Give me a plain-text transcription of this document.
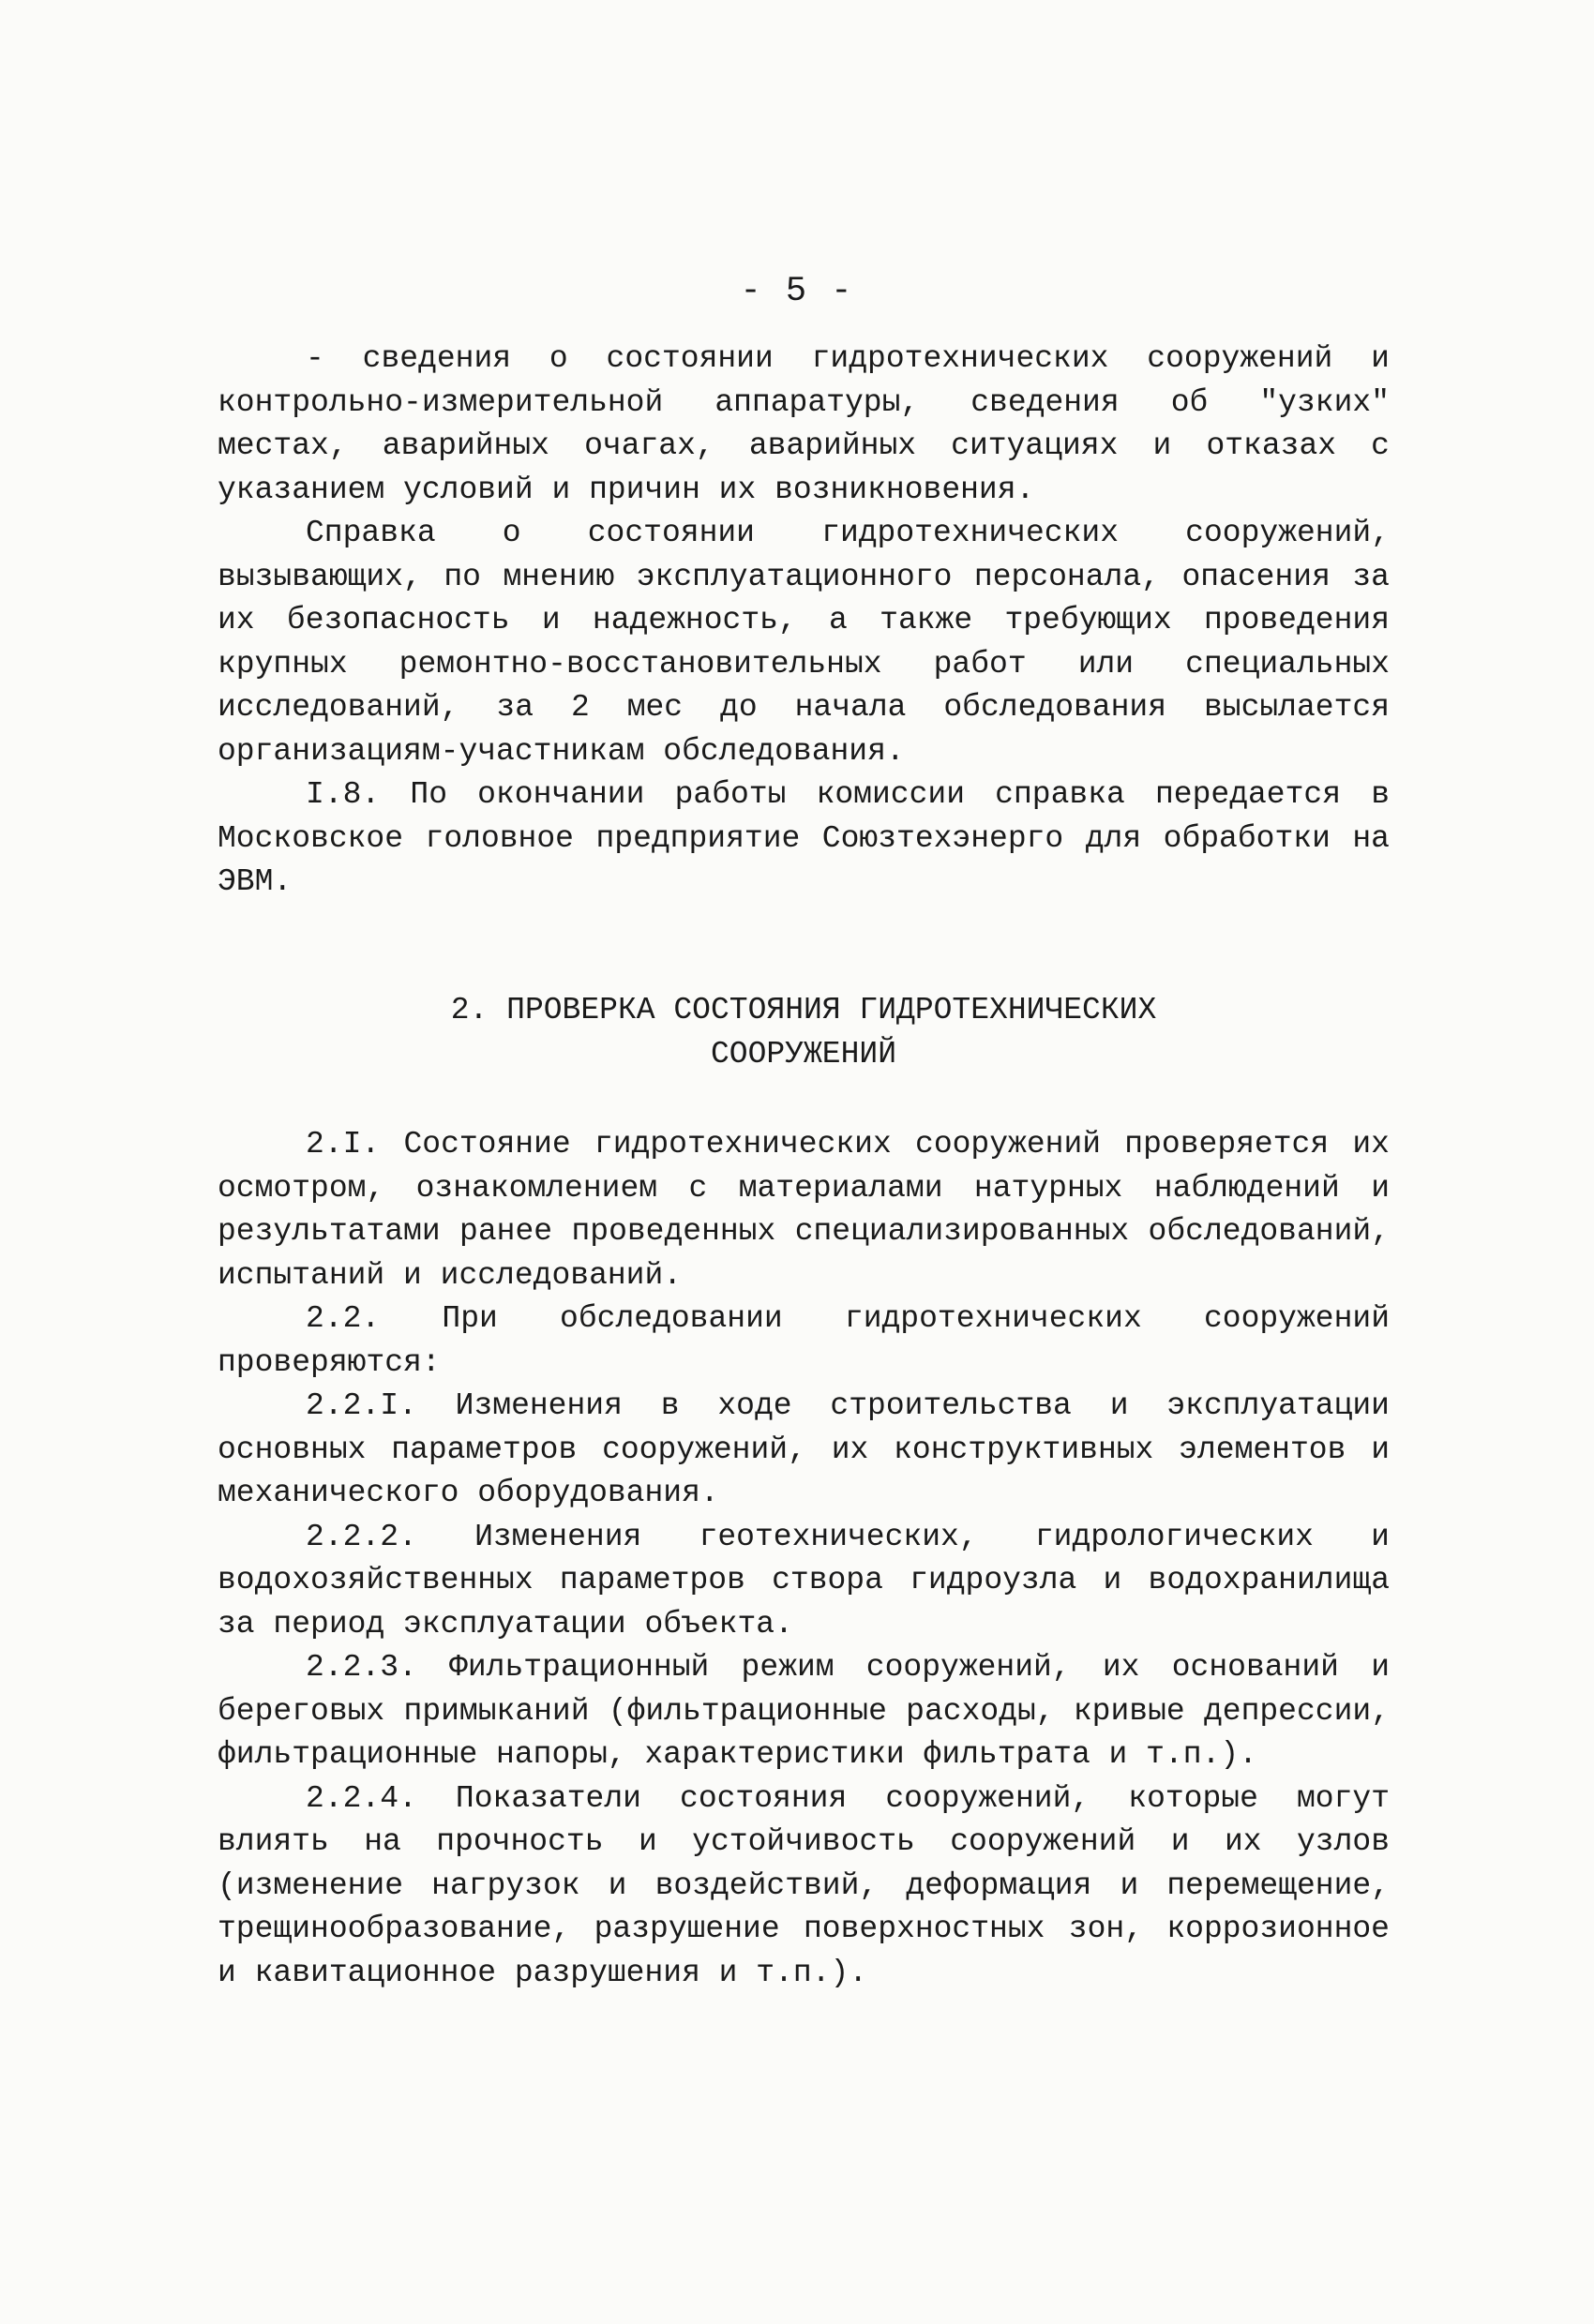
- 5 -

- сведения о состоянии гидротехнических сооружений и контрольно-измерительной аппаратуры, сведения об "узких" местах, аварийных очагах, аварийных ситуациях и отказах с указанием условий и причин их возникновения.

Справка о состоянии гидротехнических сооружений, вызывающих, по мнению эксплуатационного персонала, опасения за их безопасность и надежность, а также требующих проведения крупных ремонтно-восстановительных работ или специальных исследований, за 2 мес до начала обследования высылается организациям-участникам обследования.

I.8. По окончании работы комиссии справка передается в Московское головное предприятие Союзтехэнерго для обработки на ЭВМ.

2. ПРОВЕРКА СОСТОЯНИЯ ГИДРОТЕХНИЧЕСКИХ
СООРУЖЕНИЙ

2.I. Состояние гидротехнических сооружений проверяется их осмотром, ознакомлением с материалами натурных наблюдений и результатами ранее проведенных специализированных обследований, испытаний и исследований.

2.2. При обследовании гидротехнических сооружений проверяются:

2.2.I. Изменения в ходе строительства и эксплуатации основных параметров сооружений, их конструктивных элементов и механического оборудования.

2.2.2. Изменения геотехнических, гидрологических и водохозяйственных параметров створа гидроузла и водохранилища за период эксплуатации объекта.

2.2.3. Фильтрационный режим сооружений, их оснований и береговых примыканий (фильтрационные расходы, кривые депрессии, фильтрационные напоры, характеристики фильтрата и т.п.).

2.2.4. Показатели состояния сооружений, которые могут влиять на прочность и устойчивость сооружений и их узлов (изменение нагрузок и воздействий, деформация и перемещение, трещинообразование, разрушение поверхностных зон, коррозионное и кавитационное разрушения и т.п.).
